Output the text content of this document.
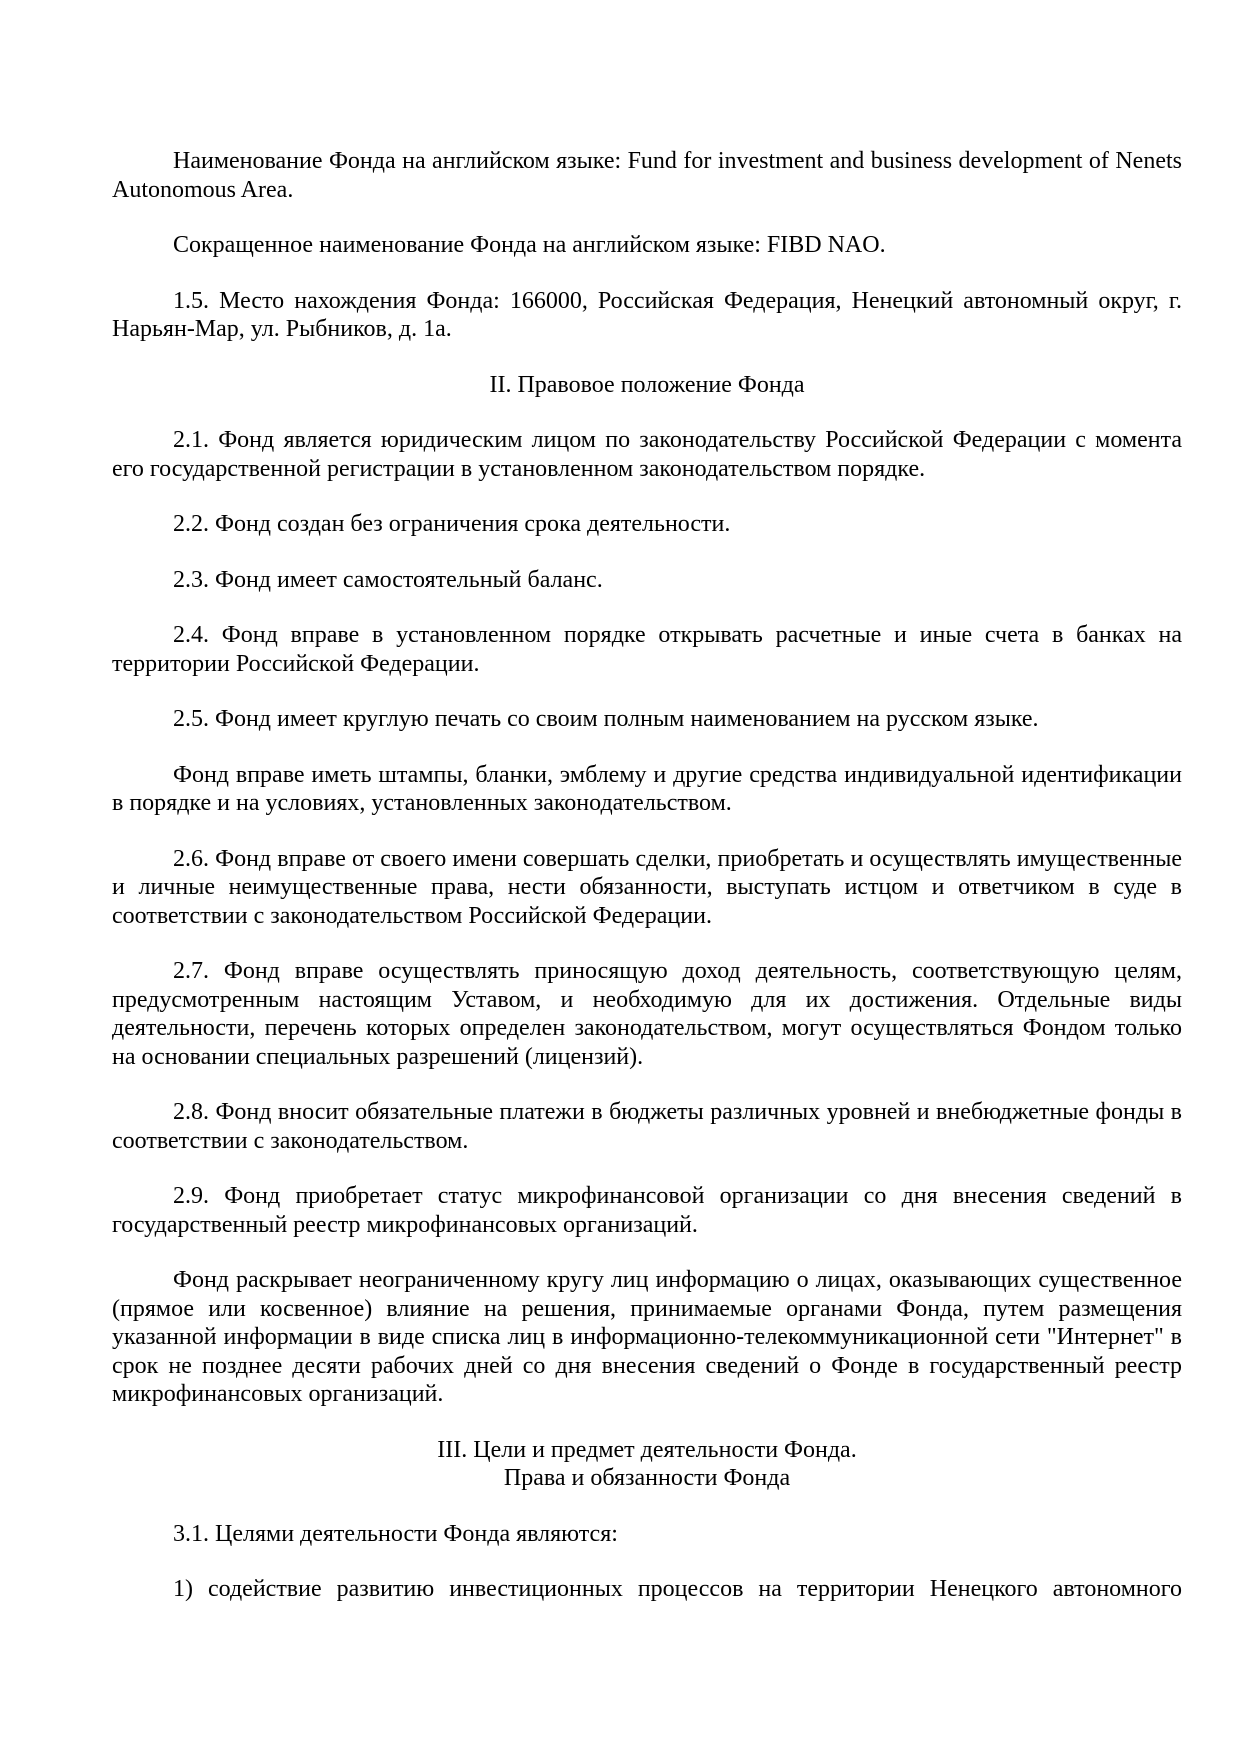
Наименование Фонда на английском языке: Fund for investment and business development of Nenets Autonomous Area.

Сокращенное наименование Фонда на английском языке: FIBD NAO.

1.5. Место нахождения Фонда: 166000, Российская Федерация, Ненецкий автономный округ, г. Нарьян-Мар, ул. Рыбников, д. 1а.

II. Правовое положение Фонда

2.1. Фонд является юридическим лицом по законодательству Российской Федерации с момента его государственной регистрации в установленном законодательством порядке.

2.2. Фонд создан без ограничения срока деятельности.

2.3. Фонд имеет самостоятельный баланс.

2.4. Фонд вправе в установленном порядке открывать расчетные и иные счета в банках на территории Российской Федерации.

2.5. Фонд имеет круглую печать со своим полным наименованием на русском языке.

Фонд вправе иметь штампы, бланки, эмблему и другие средства индивидуальной идентификации в порядке и на условиях, установленных законодательством.

2.6. Фонд вправе от своего имени совершать сделки, приобретать и осуществлять имущественные и личные неимущественные права, нести обязанности, выступать истцом и ответчиком в суде в соответствии с законодательством Российской Федерации.

2.7. Фонд вправе осуществлять приносящую доход деятельность, соответствующую целям, предусмотренным настоящим Уставом, и необходимую для их достижения. Отдельные виды деятельности, перечень которых определен законодательством, могут осуществляться Фондом только на основании специальных разрешений (лицензий).

2.8. Фонд вносит обязательные платежи в бюджеты различных уровней и внебюджетные фонды в соответствии с законодательством.

2.9. Фонд приобретает статус микрофинансовой организации со дня внесения сведений в государственный реестр микрофинансовых организаций.

Фонд раскрывает неограниченному кругу лиц информацию о лицах, оказывающих существенное (прямое или косвенное) влияние на решения, принимаемые органами Фонда, путем размещения указанной информации в виде списка лиц в информационно-телекоммуникационной сети "Интернет" в срок не позднее десяти рабочих дней со дня внесения сведений о Фонде в государственный реестр микрофинансовых организаций.

III. Цели и предмет деятельности Фонда.

Права и обязанности Фонда

3.1. Целями деятельности Фонда являются:

1) содействие развитию инвестиционных процессов на территории Ненецкого автономного
